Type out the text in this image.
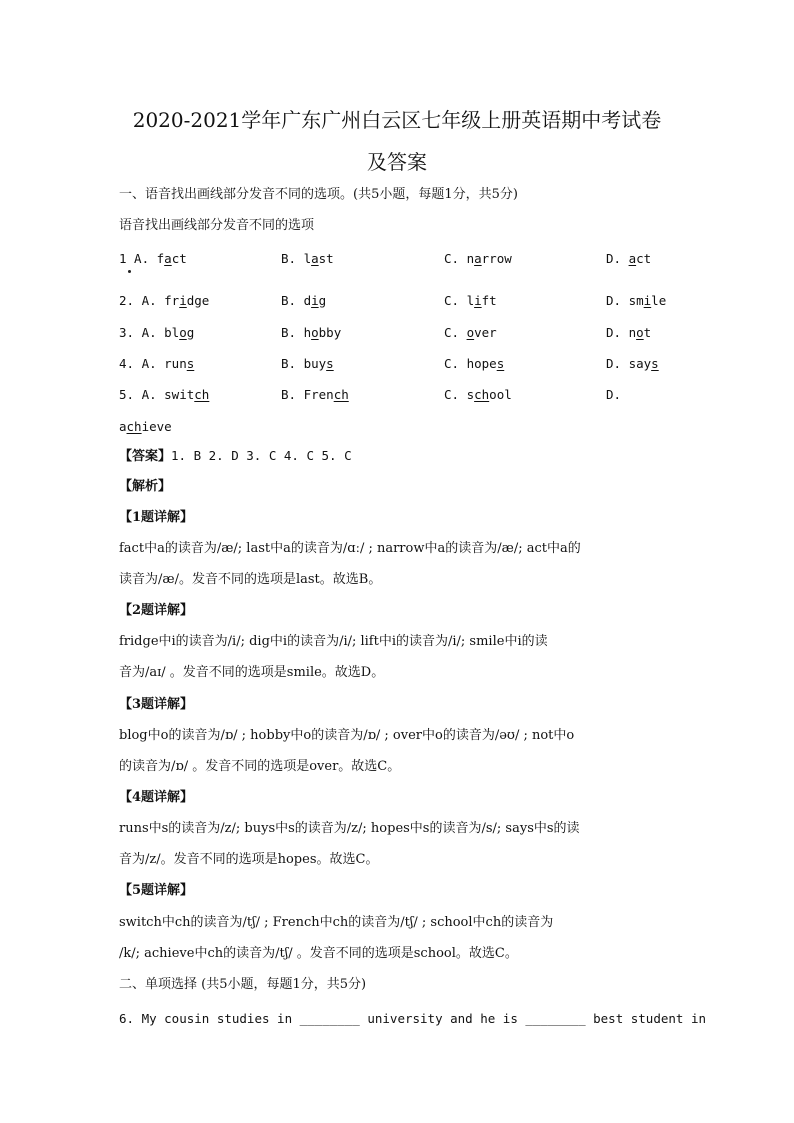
2020-2021学年广东广州白云区七年级上册英语期中考试卷
及答案
一、语音找出画线部分发音不同的选项。(共5小题，每题1分，共5分)
语音找出画线部分发音不同的选项
1 A. fact	B. last	C. narrow	D. act
2. A. fridge	B. dig	C. lift	D. smile
3. A. blog	B. hobby	C. over	D. not
4. A. runs	B. buys	C. hopes	D. says
5. A. switch	B. French	C. school	D.
achieve
【答案】1. B 2. D 3. C 4. C 5. C
【解析】
【1题详解】
fact中a的读音为/æ/; last中a的读音为/ɑː/ ; narrow中a的读音为/æ/; act中a的
读音为/æ/。发音不同的选项是last。故选B。
【2题详解】
fridge中i的读音为/i/; dig中i的读音为/i/; lift中i的读音为/i/; smile中i的读
音为/aɪ/ 。发音不同的选项是smile。故选D。
【3题详解】
blog中o的读音为/ɒ/ ; hobby中o的读音为/ɒ/ ; over中o的读音为/əʊ/ ; not中o
的读音为/ɒ/ 。发音不同的选项是over。故选C。
【4题详解】
runs中s的读音为/z/; buys中s的读音为/z/; hopes中s的读音为/s/; says中s的读
音为/z/。发音不同的选项是hopes。故选C。
【5题详解】
switch中ch的读音为/tʃ/ ; French中ch的读音为/tʃ/ ; school中ch的读音为
/k/; achieve中ch的读音为/tʃ/ 。发音不同的选项是school。故选C。
二、单项选择 (共5小题，每题1分，共5分)
6. My cousin studies in ________ university and he is ________ best student in
